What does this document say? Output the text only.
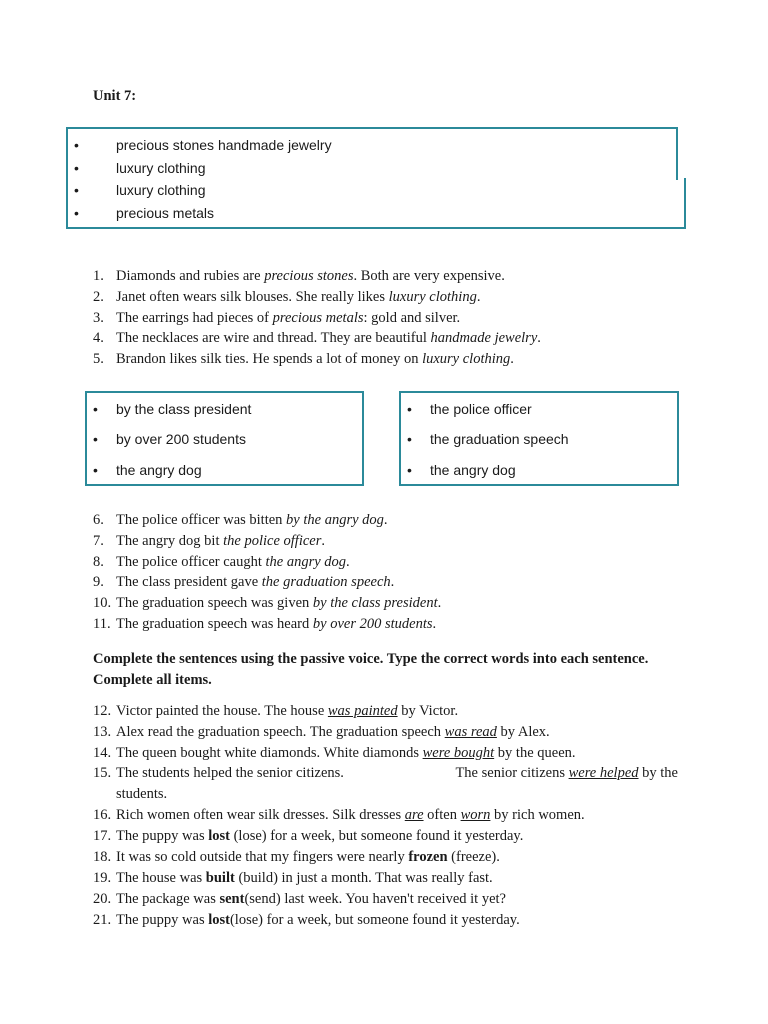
Unit 7:
•	precious stones handmade jewelry
•	luxury clothing
•	luxury clothing
•	precious metals
1. Diamonds and rubies are precious stones. Both are very expensive.
2. Janet often wears silk blouses. She really likes luxury clothing.
3. The earrings had pieces of precious metals: gold and silver.
4. The necklaces are wire and thread. They are beautiful handmade jewelry.
5. Brandon likes silk ties. He spends a lot of money on luxury clothing.
• by the class president
• by over 200 students
• the angry dog
• the police officer
• the graduation speech
• the angry dog
6. The police officer was bitten by the angry dog.
7. The angry dog bit the police officer.
8. The police officer caught the angry dog.
9. The class president gave the graduation speech.
10. The graduation speech was given by the class president.
11. The graduation speech was heard by over 200 students.
Complete the sentences using the passive voice. Type the correct words into each sentence. Complete all items.
12. Victor painted the house. The house was painted by Victor.
13. Alex read the graduation speech. The graduation speech was read by Alex.
14. The queen bought white diamonds. White diamonds were bought by the queen.
15. The students helped the senior citizens.	The senior citizens were helped by the
students.
16. Rich women often wear silk dresses. Silk dresses are often worn by rich women.
17. The puppy was lost (lose) for a week, but someone found it yesterday.
18. It was so cold outside that my fingers were nearly frozen (freeze).
19. The house was built (build) in just a month. That was really fast.
20. The package was sent(send) last week. You haven't received it yet?
21. The puppy was lost(lose) for a week, but someone found it yesterday.
